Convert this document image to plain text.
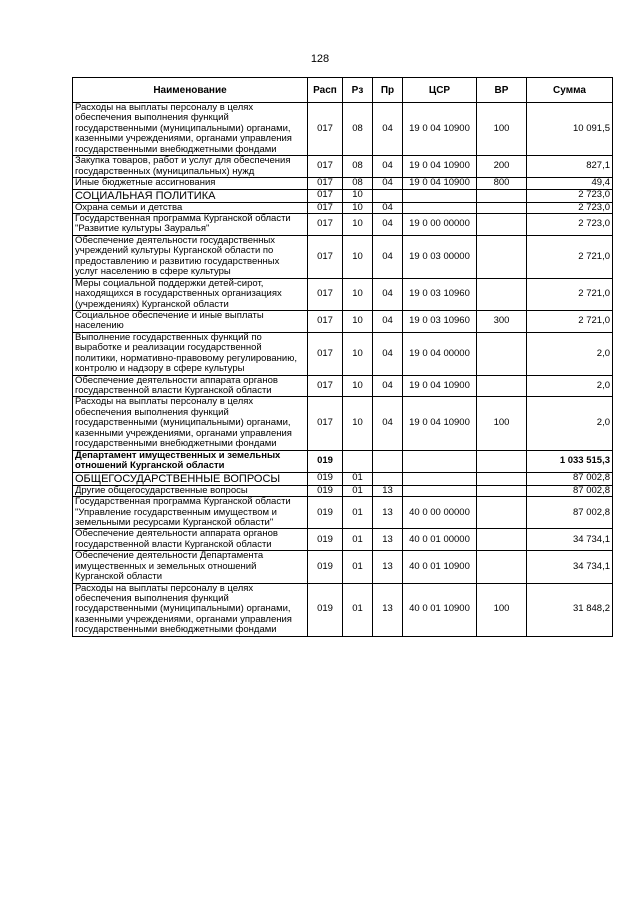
128
Наименование	Расп	Рз	Пр	ЦСР	ВР	Сумма
Расходы на выплаты персоналу в целях обеспечения выполнения функций государственными (муниципальными) органами, казенными учреждениями, органами управления государственными внебюджетными фондами	017	08	04	19 0 04 10900	100	10 091,5
Закупка товаров, работ и услуг для обеспечения государственных (муниципальных) нужд	017	08	04	19 0 04 10900	200	827,1
Иные бюджетные ассигнования	017	08	04	19 0 04 10900	800	49,4
СОЦИАЛЬНАЯ ПОЛИТИКА	017	10				2 723,0
Охрана семьи и детства	017	10	04			2 723,0
Государственная программа Курганской области "Развитие культуры Зауралья"	017	10	04	19 0 00 00000		2 723,0
Обеспечение деятельности государственных учреждений культуры Курганской области по предоставлению и развитию государственных услуг населению в сфере культуры	017	10	04	19 0 03 00000		2 721,0
Меры социальной поддержки детей-сирот, находящихся в государственных организациях (учреждениях) Курганской области	017	10	04	19 0 03 10960		2 721,0
Социальное обеспечение и иные выплаты населению	017	10	04	19 0 03 10960	300	2 721,0
Выполнение государственных функций по выработке и реализации государственной политики, нормативно-правовому регулированию, контролю и надзору в сфере культуры	017	10	04	19 0 04 00000		2,0
Обеспечение деятельности аппарата органов государственной власти Курганской области	017	10	04	19 0 04 10900		2,0
Расходы на выплаты персоналу в целях обеспечения выполнения функций государственными (муниципальными) органами, казенными учреждениями, органами управления государственными внебюджетными фондами	017	10	04	19 0 04 10900	100	2,0
Департамент имущественных и земельных отношений Курганской области	019					1 033 515,3
ОБЩЕГОСУДАРСТВЕННЫЕ ВОПРОСЫ	019	01				87 002,8
Другие общегосударственные вопросы	019	01	13			87 002,8
Государственная программа Курганской области "Управление государственным имуществом и земельными ресурсами Курганской области"	019	01	13	40 0 00 00000		87 002,8
Обеспечение деятельности аппарата органов государственной власти Курганской области	019	01	13	40 0 01 00000		34 734,1
Обеспечение деятельности Департамента имущественных и земельных отношений Курганской области	019	01	13	40 0 01 10900		34 734,1
Расходы на выплаты персоналу в целях обеспечения выполнения функций государственными (муниципальными) органами, казенными учреждениями, органами управления государственными внебюджетными фондами	019	01	13	40 0 01 10900	100	31 848,2
